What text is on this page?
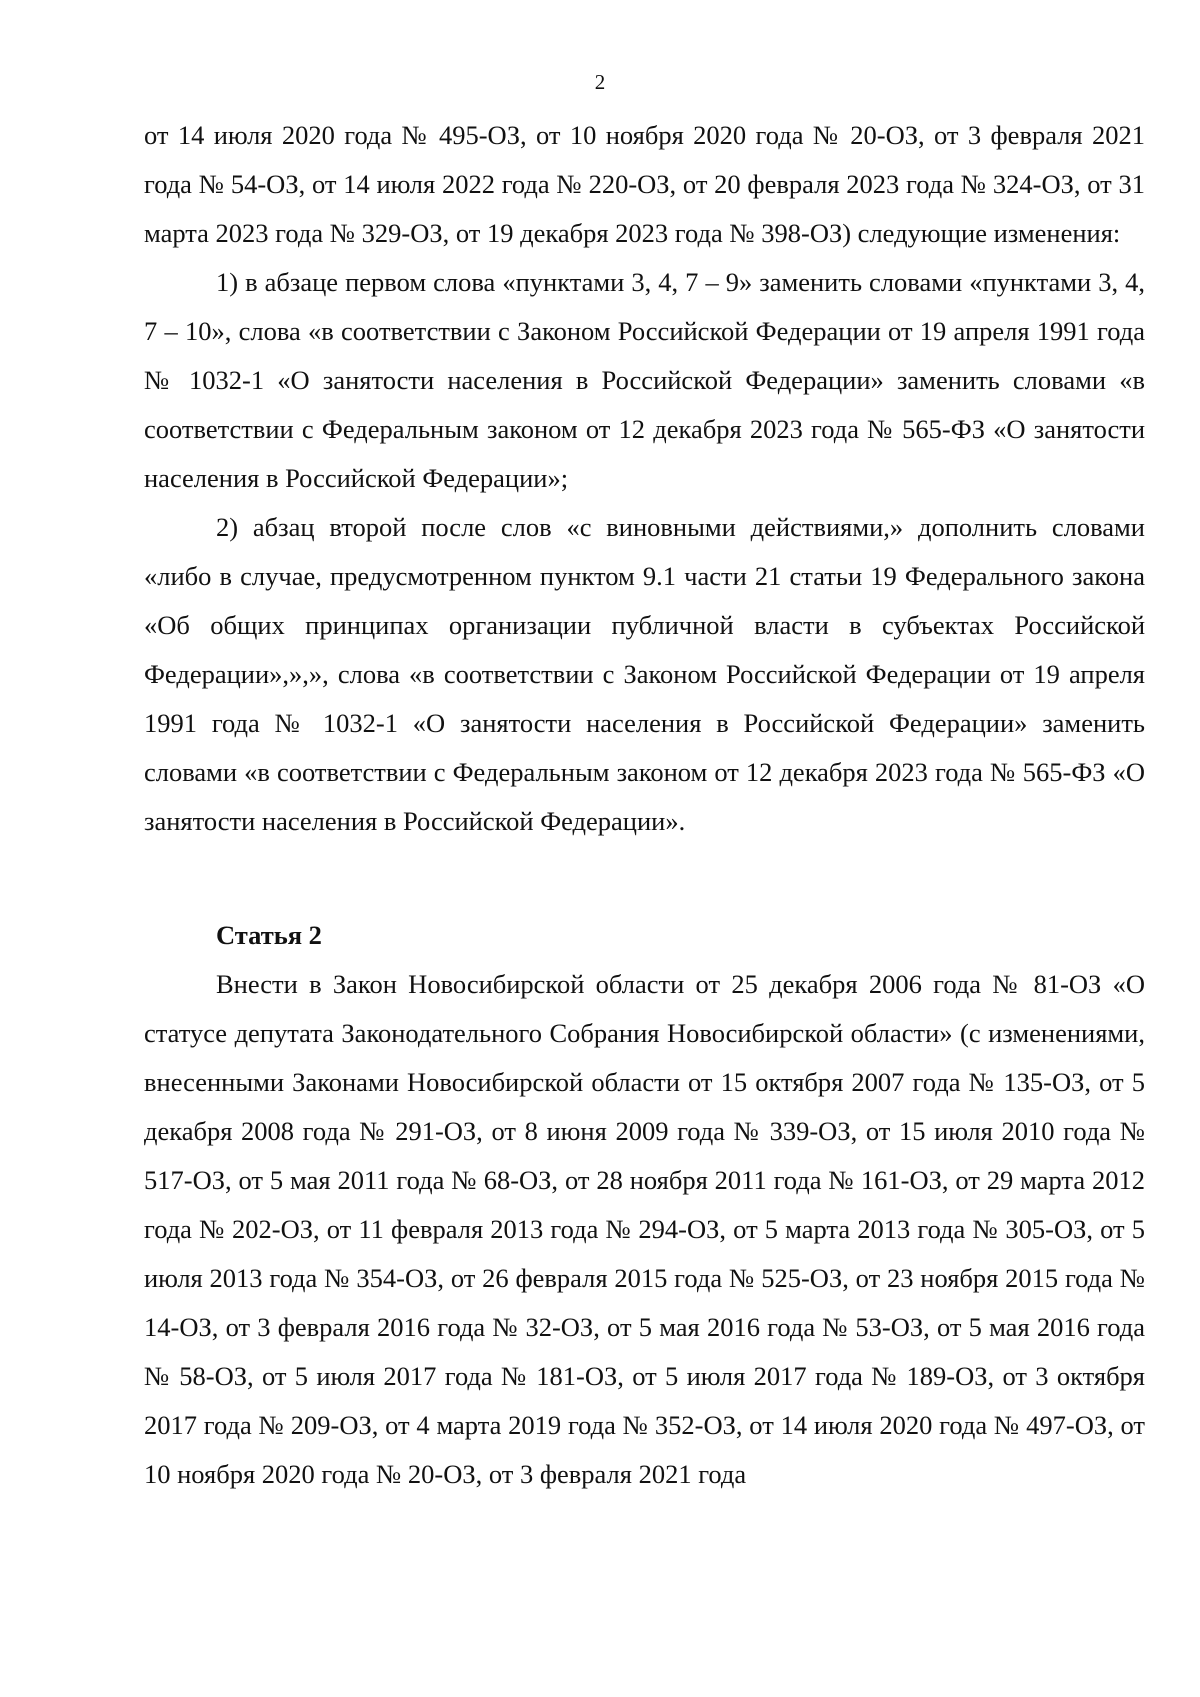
2

от 14 июля 2020 года № 495-ОЗ, от 10 ноября 2020 года № 20-ОЗ, от 3 февраля 2021 года № 54-ОЗ, от 14 июля 2022 года № 220-ОЗ, от 20 февраля 2023 года № 324-ОЗ, от 31 марта 2023 года № 329-ОЗ, от 19 декабря 2023 года № 398-ОЗ) следующие изменения:

1) в абзаце первом слова «пунктами 3, 4, 7 – 9» заменить словами «пунктами 3, 4, 7 – 10», слова «в соответствии с Законом Российской Федерации от 19 апреля 1991 года № 1032-1 «О занятости населения в Российской Федерации» заменить словами «в соответствии с Федеральным законом от 12 декабря 2023 года № 565-ФЗ «О занятости населения в Российской Федерации»;

2) абзац второй после слов «с виновными действиями,» дополнить словами «либо в случае, предусмотренном пунктом 9.1 части 21 статьи 19 Федерального закона «Об общих принципах организации публичной власти в субъектах Российской Федерации»,»,», слова «в соответствии с Законом Российской Федерации от 19 апреля 1991 года № 1032-1 «О занятости населения в Российской Федерации» заменить словами «в соответствии с Федеральным законом от 12 декабря 2023 года № 565-ФЗ «О занятости населения в Российской Федерации».

Статья 2

Внести в Закон Новосибирской области от 25 декабря 2006 года № 81-ОЗ «О статусе депутата Законодательного Собрания Новосибирской области» (с изменениями, внесенными Законами Новосибирской области от 15 октября 2007 года № 135-ОЗ, от 5 декабря 2008 года № 291-ОЗ, от 8 июня 2009 года № 339-ОЗ, от 15 июля 2010 года № 517-ОЗ, от 5 мая 2011 года № 68-ОЗ, от 28 ноября 2011 года № 161-ОЗ, от 29 марта 2012 года № 202-ОЗ, от 11 февраля 2013 года № 294-ОЗ, от 5 марта 2013 года № 305-ОЗ, от 5 июля 2013 года № 354-ОЗ, от 26 февраля 2015 года № 525-ОЗ, от 23 ноября 2015 года № 14-ОЗ, от 3 февраля 2016 года № 32-ОЗ, от 5 мая 2016 года № 53-ОЗ, от 5 мая 2016 года № 58-ОЗ, от 5 июля 2017 года № 181-ОЗ, от 5 июля 2017 года № 189-ОЗ, от 3 октября 2017 года № 209-ОЗ, от 4 марта 2019 года № 352-ОЗ, от 14 июля 2020 года № 497-ОЗ, от 10 ноября 2020 года № 20-ОЗ, от 3 февраля 2021 года
